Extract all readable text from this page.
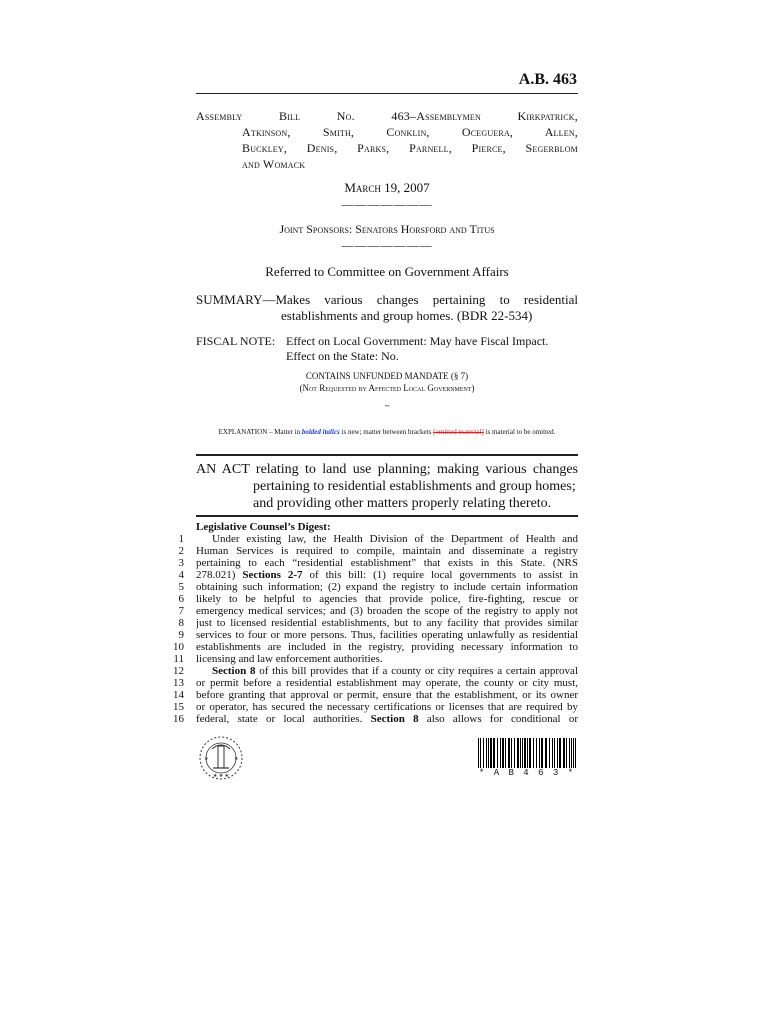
A.B. 463
Assembly Bill No. 463–Assemblymen Kirkpatrick,
Atkinson, Smith, Conklin, Oceguera, Allen,
Buckley, Denis, Parks, Parnell, Pierce, Segerblom
and Womack
March 19, 2007
———————
Joint Sponsors: Senators Horsford and Titus
———————
Referred to Committee on Government Affairs
SUMMARY—Makes various changes pertaining to residential
establishments and group homes. (BDR 22-534)
FISCAL NOTE: Effect on Local Government: May have Fiscal Impact.
Effect on the State: No.
CONTAINS UNFUNDED MANDATE (§ 7)
(Not Requested by Affected Local Government)
~
EXPLANATION – Matter in bolded italics is new; matter between brackets [omitted material] is material to be omitted.
AN ACT relating to land use planning; making various changes
pertaining to residential establishments and group homes;
and providing other matters properly relating thereto.
Legislative Counsel’s Digest:
1	Under existing law, the Health Division of the Department of Health and
2	Human Services is required to compile, maintain and disseminate a registry
3	pertaining to each “residential establishment” that exists in this State. (NRS
4	278.021) Sections 2-7 of this bill: (1) require local governments to assist in
5	obtaining such information; (2) expand the registry to include certain information
6	likely to be helpful to agencies that provide police, fire-fighting, rescue or
7	emergency medical services; and (3) broaden the scope of the registry to apply not
8	just to licensed residential establishments, but to any facility that provides similar
9	services to four or more persons. Thus, facilities operating unlawfully as residential
10	establishments are included in the registry, providing necessary information to
11	licensing and law enforcement authorities.
12	Section 8 of this bill provides that if a county or city requires a certain approval
13	or permit before a residential establishment may operate, the county or city must,
14	before granting that approval or permit, ensure that the establishment, or its owner
15	or operator, has secured the necessary certifications or licenses that are required by
16	federal, state or local authorities. Section 8 also allows for conditional or
★ ★ ★
★	★
* A B 4 6 3 *
